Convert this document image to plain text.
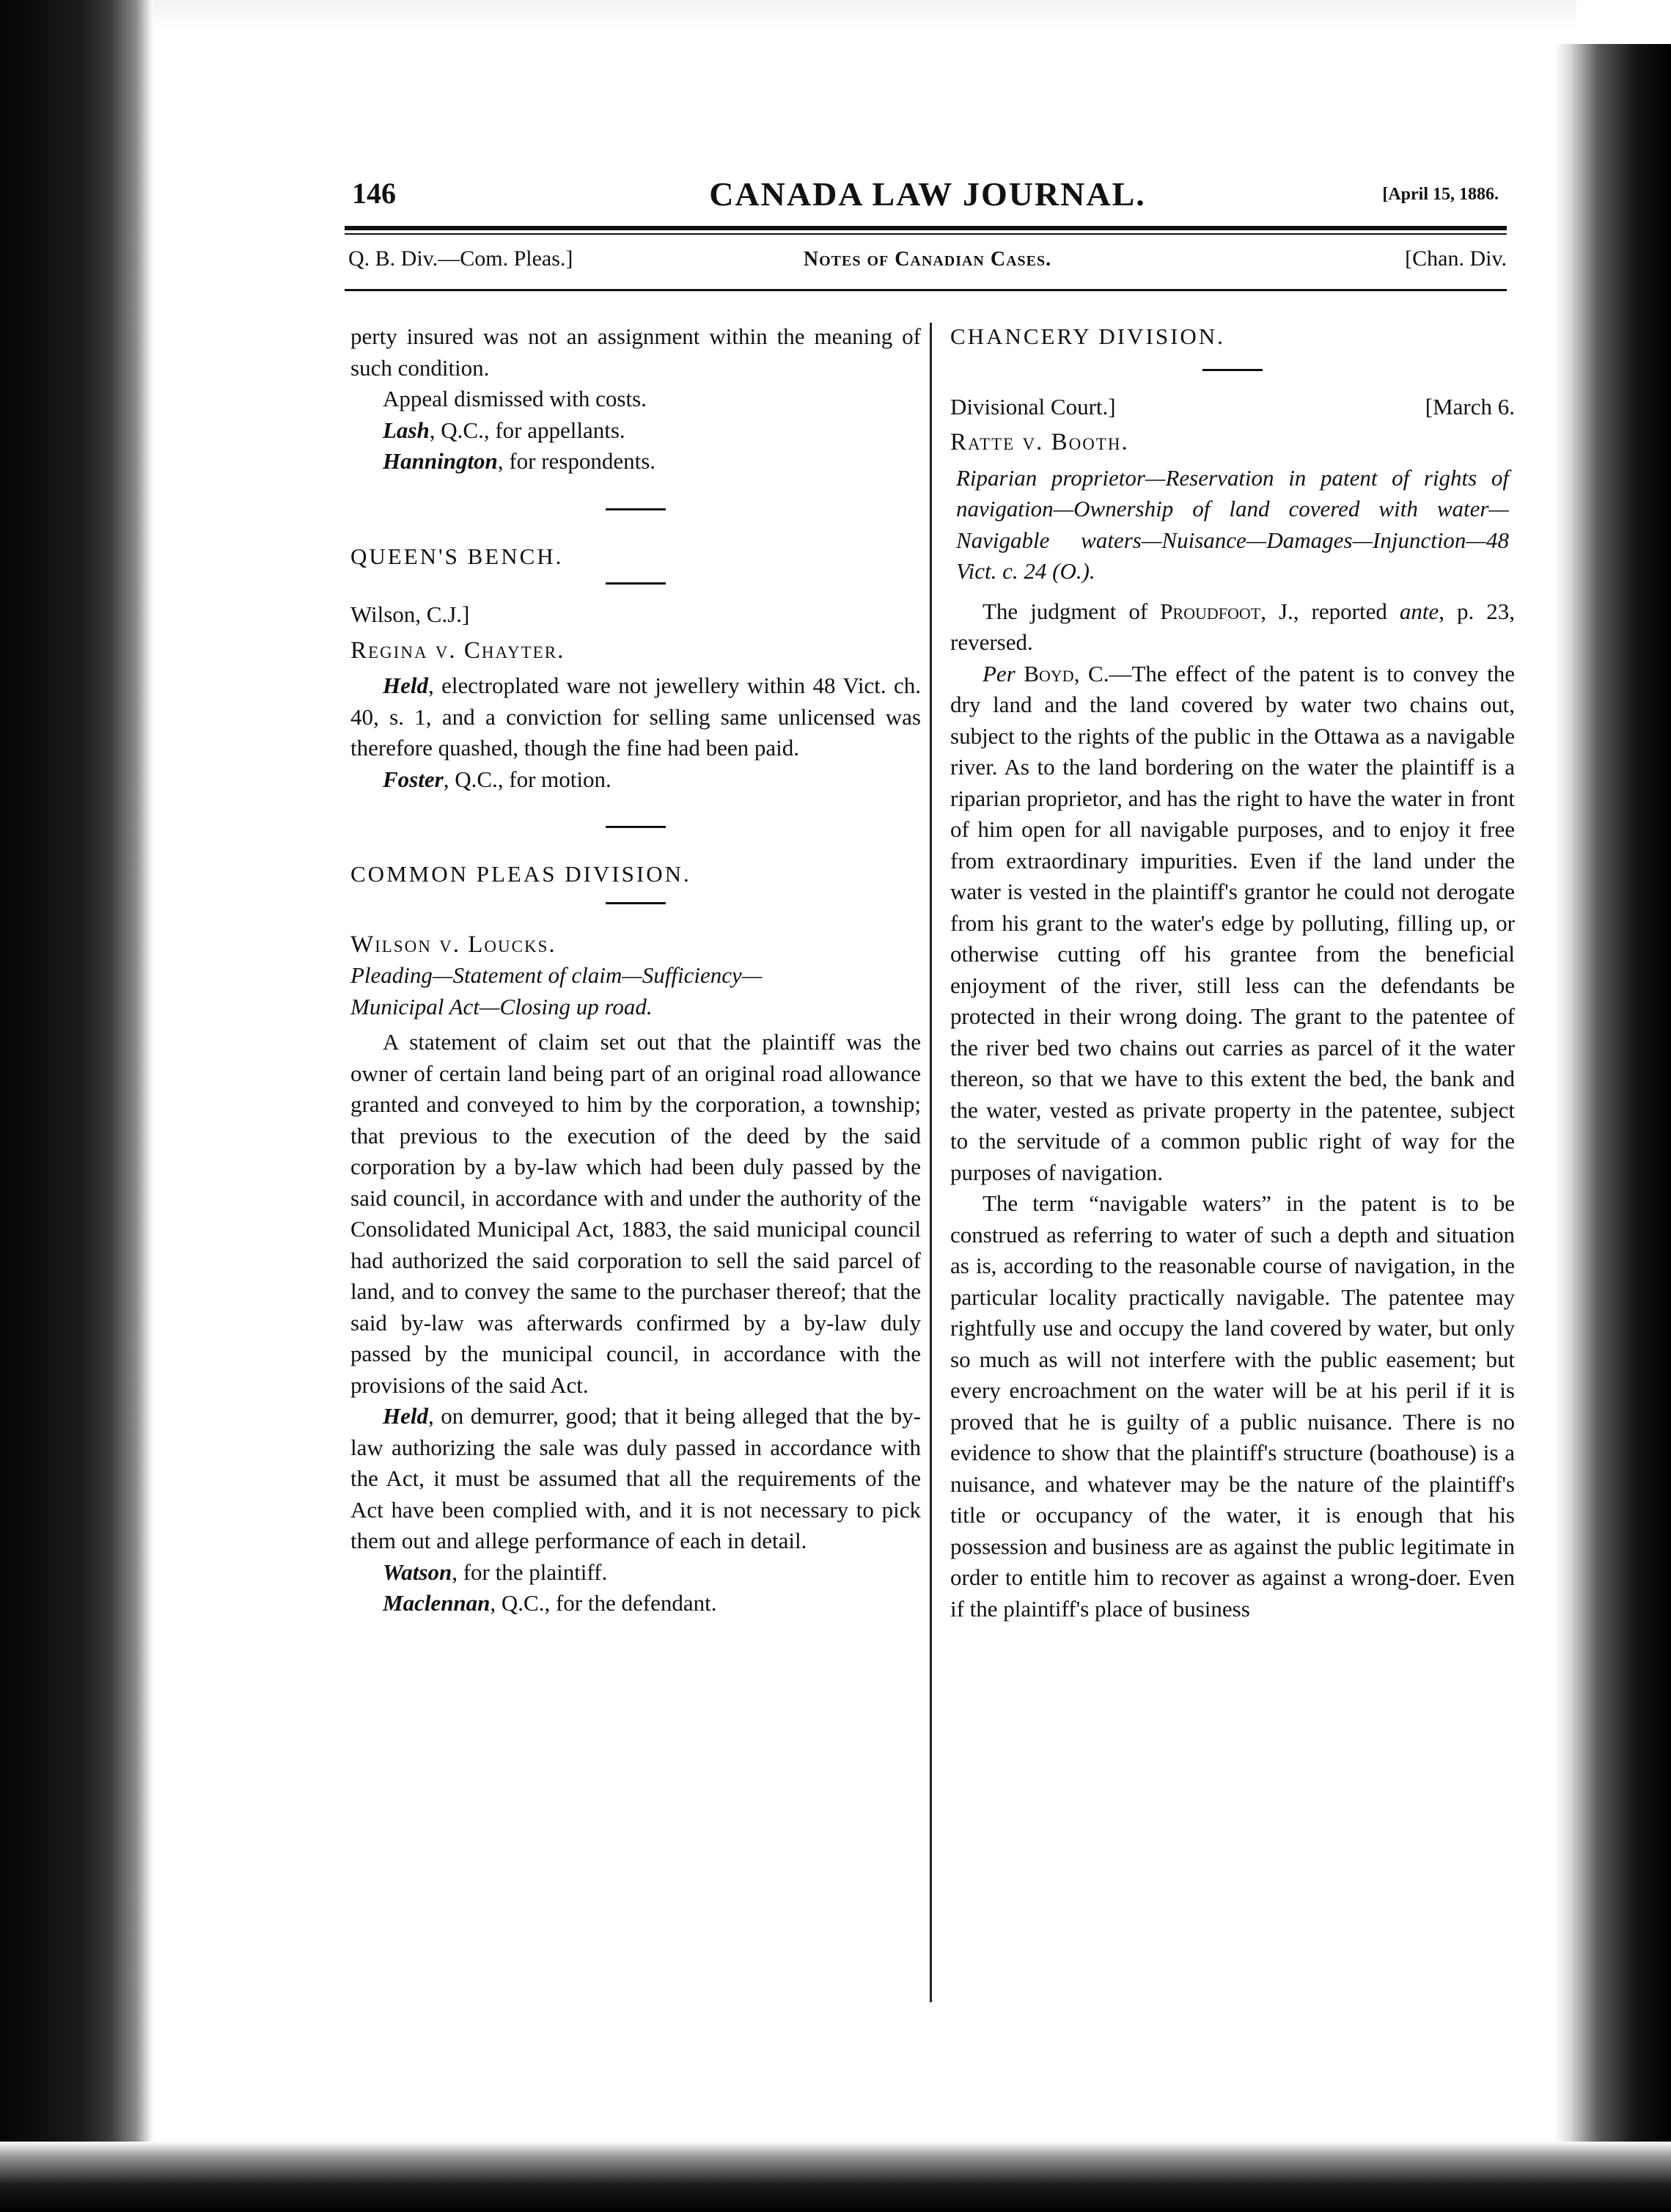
146	CANADA LAW JOURNAL.	[April 15, 1886.
Q. B. Div.—Com. Pleas.]	Notes of Canadian Cases.	[Chan. Div.

perty insured was not an assignment within the meaning of such condition.

Appeal dismissed with costs.

Lash, Q.C., for appellants.

Hannington, for respondents.

QUEEN'S BENCH.

Wilson, C.J.]

Regina v. Chayter.

Held, electroplated ware not jewellery within 48 Vict. ch. 40, s. 1, and a conviction for selling same unlicensed was therefore quashed, though the fine had been paid.

Foster, Q.C., for motion.

COMMON PLEAS DIVISION.

Wilson v. Loucks.

Pleading—Statement of claim—Sufficiency—

Municipal Act—Closing up road.

A statement of claim set out that the plaintiff was the owner of certain land being part of an original road allowance granted and conveyed to him by the corporation, a township; that previous to the execution of the deed by the said corporation by a by-law which had been duly passed by the said council, in accordance with and under the authority of the Consolidated Municipal Act, 1883, the said municipal council had authorized the said corporation to sell the said parcel of land, and to convey the same to the purchaser thereof; that the said by-law was afterwards confirmed by a by-law duly passed by the municipal council, in accordance with the provisions of the said Act.

Held, on demurrer, good; that it being alleged that the by-law authorizing the sale was duly passed in accordance with the Act, it must be assumed that all the requirements of the Act have been complied with, and it is not necessary to pick them out and allege performance of each in detail.

Watson, for the plaintiff.

Maclennan, Q.C., for the defendant.

CHANCERY DIVISION.

Divisional Court.]	[March 6.

Ratte v. Booth.

Riparian proprietor—Reservation in patent of rights of navigation—Ownership of land covered with water—Navigable waters—Nuisance—Damages—Injunction—48 Vict. c. 24 (O.).

The judgment of Proudfoot, J., reported ante, p. 23, reversed.

Per Boyd, C.—The effect of the patent is to convey the dry land and the land covered by water two chains out, subject to the rights of the public in the Ottawa as a navigable river. As to the land bordering on the water the plaintiff is a riparian proprietor, and has the right to have the water in front of him open for all navigable purposes, and to enjoy it free from extraordinary impurities. Even if the land under the water is vested in the plaintiff's grantor he could not derogate from his grant to the water's edge by polluting, filling up, or otherwise cutting off his grantee from the beneficial enjoyment of the river, still less can the defendants be protected in their wrong doing. The grant to the patentee of the river bed two chains out carries as parcel of it the water thereon, so that we have to this extent the bed, the bank and the water, vested as private property in the patentee, subject to the servitude of a common public right of way for the purposes of navigation.

The term “navigable waters” in the patent is to be construed as referring to water of such a depth and situation as is, according to the reasonable course of navigation, in the particular locality practically navigable. The patentee may rightfully use and occupy the land covered by water, but only so much as will not interfere with the public easement; but every encroachment on the water will be at his peril if it is proved that he is guilty of a public nuisance. There is no evidence to show that the plaintiff's structure (boathouse) is a nuisance, and whatever may be the nature of the plaintiff's title or occupancy of the water, it is enough that his possession and business are as against the public legitimate in order to entitle him to recover as against a wrong-doer. Even if the plaintiff's place of business
